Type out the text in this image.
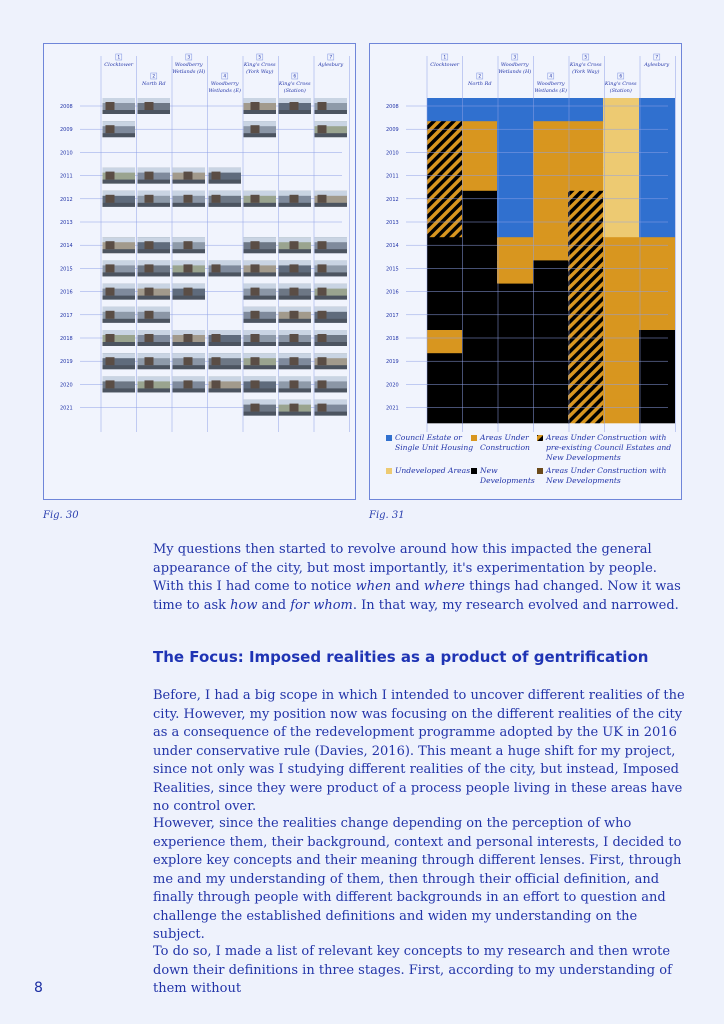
1
Clocktower
2
North Rd
3
Woodberry
Wetlands (H)
4
Woodberry
Wetlands (E)
5
King's Cross
(York Way)
6
King's Cross
(Station)
7
Aylesbury
2008
2009
2010
2011
2012
2013
2014
2015
2016
2017
2018
2019
2020
2021
1
Clocktower
2
North Rd
3
Woodberry
Wetlands (H)
4
Woodberry
Wetlands (E)
5
King's Cross
(York Way)
6
King's Cross
(Station)
7
Aylesbury
2008
2009
2010
2011
2012
2013
2014
2015
2016
2017
2018
2019
2020
2021
Council Estate or
Single Unit Housing
Areas Under
Construction
Areas Under Construction with
pre-existing Council Estates and
New Developments
Undeveloped Areas New
Developments
Areas Under Construction with
New Developments
Fig. 30	Fig. 31

My questions then started to revolve around how this impacted the general appearance of the city, but most importantly, it's experimentation by people. With this I had come to notice when and where things had changed. Now it was time to ask how and for whom. In that way, my research evolved and narrowed.

The Focus: Imposed realities as a product of gentrification
Before, I had a big scope in which I intended to uncover different realities of the city. However, my position now was focusing on the different realities of the city as a consequence of the redevelopment programme adopted by the UK in 2016 under conservative rule (Davies, 2016). This meant a huge shift for my project, since not only was I studying different realities of the city, but instead, Imposed Realities, since they were product of a process people living in these areas have no control over.
However, since the realities change depending on the perception of who experience them, their background, context and personal interests, I decided to explore key concepts and their meaning through different lenses. First, through me and my understanding of them, then through their official definition, and finally through people with different backgrounds in an effort to question and challenge the established definitions and widen my understanding on the subject.
To do so, I made a list of relevant key concepts to my research and then wrote down their definitions in three stages. First, according to my understanding of them without
8
